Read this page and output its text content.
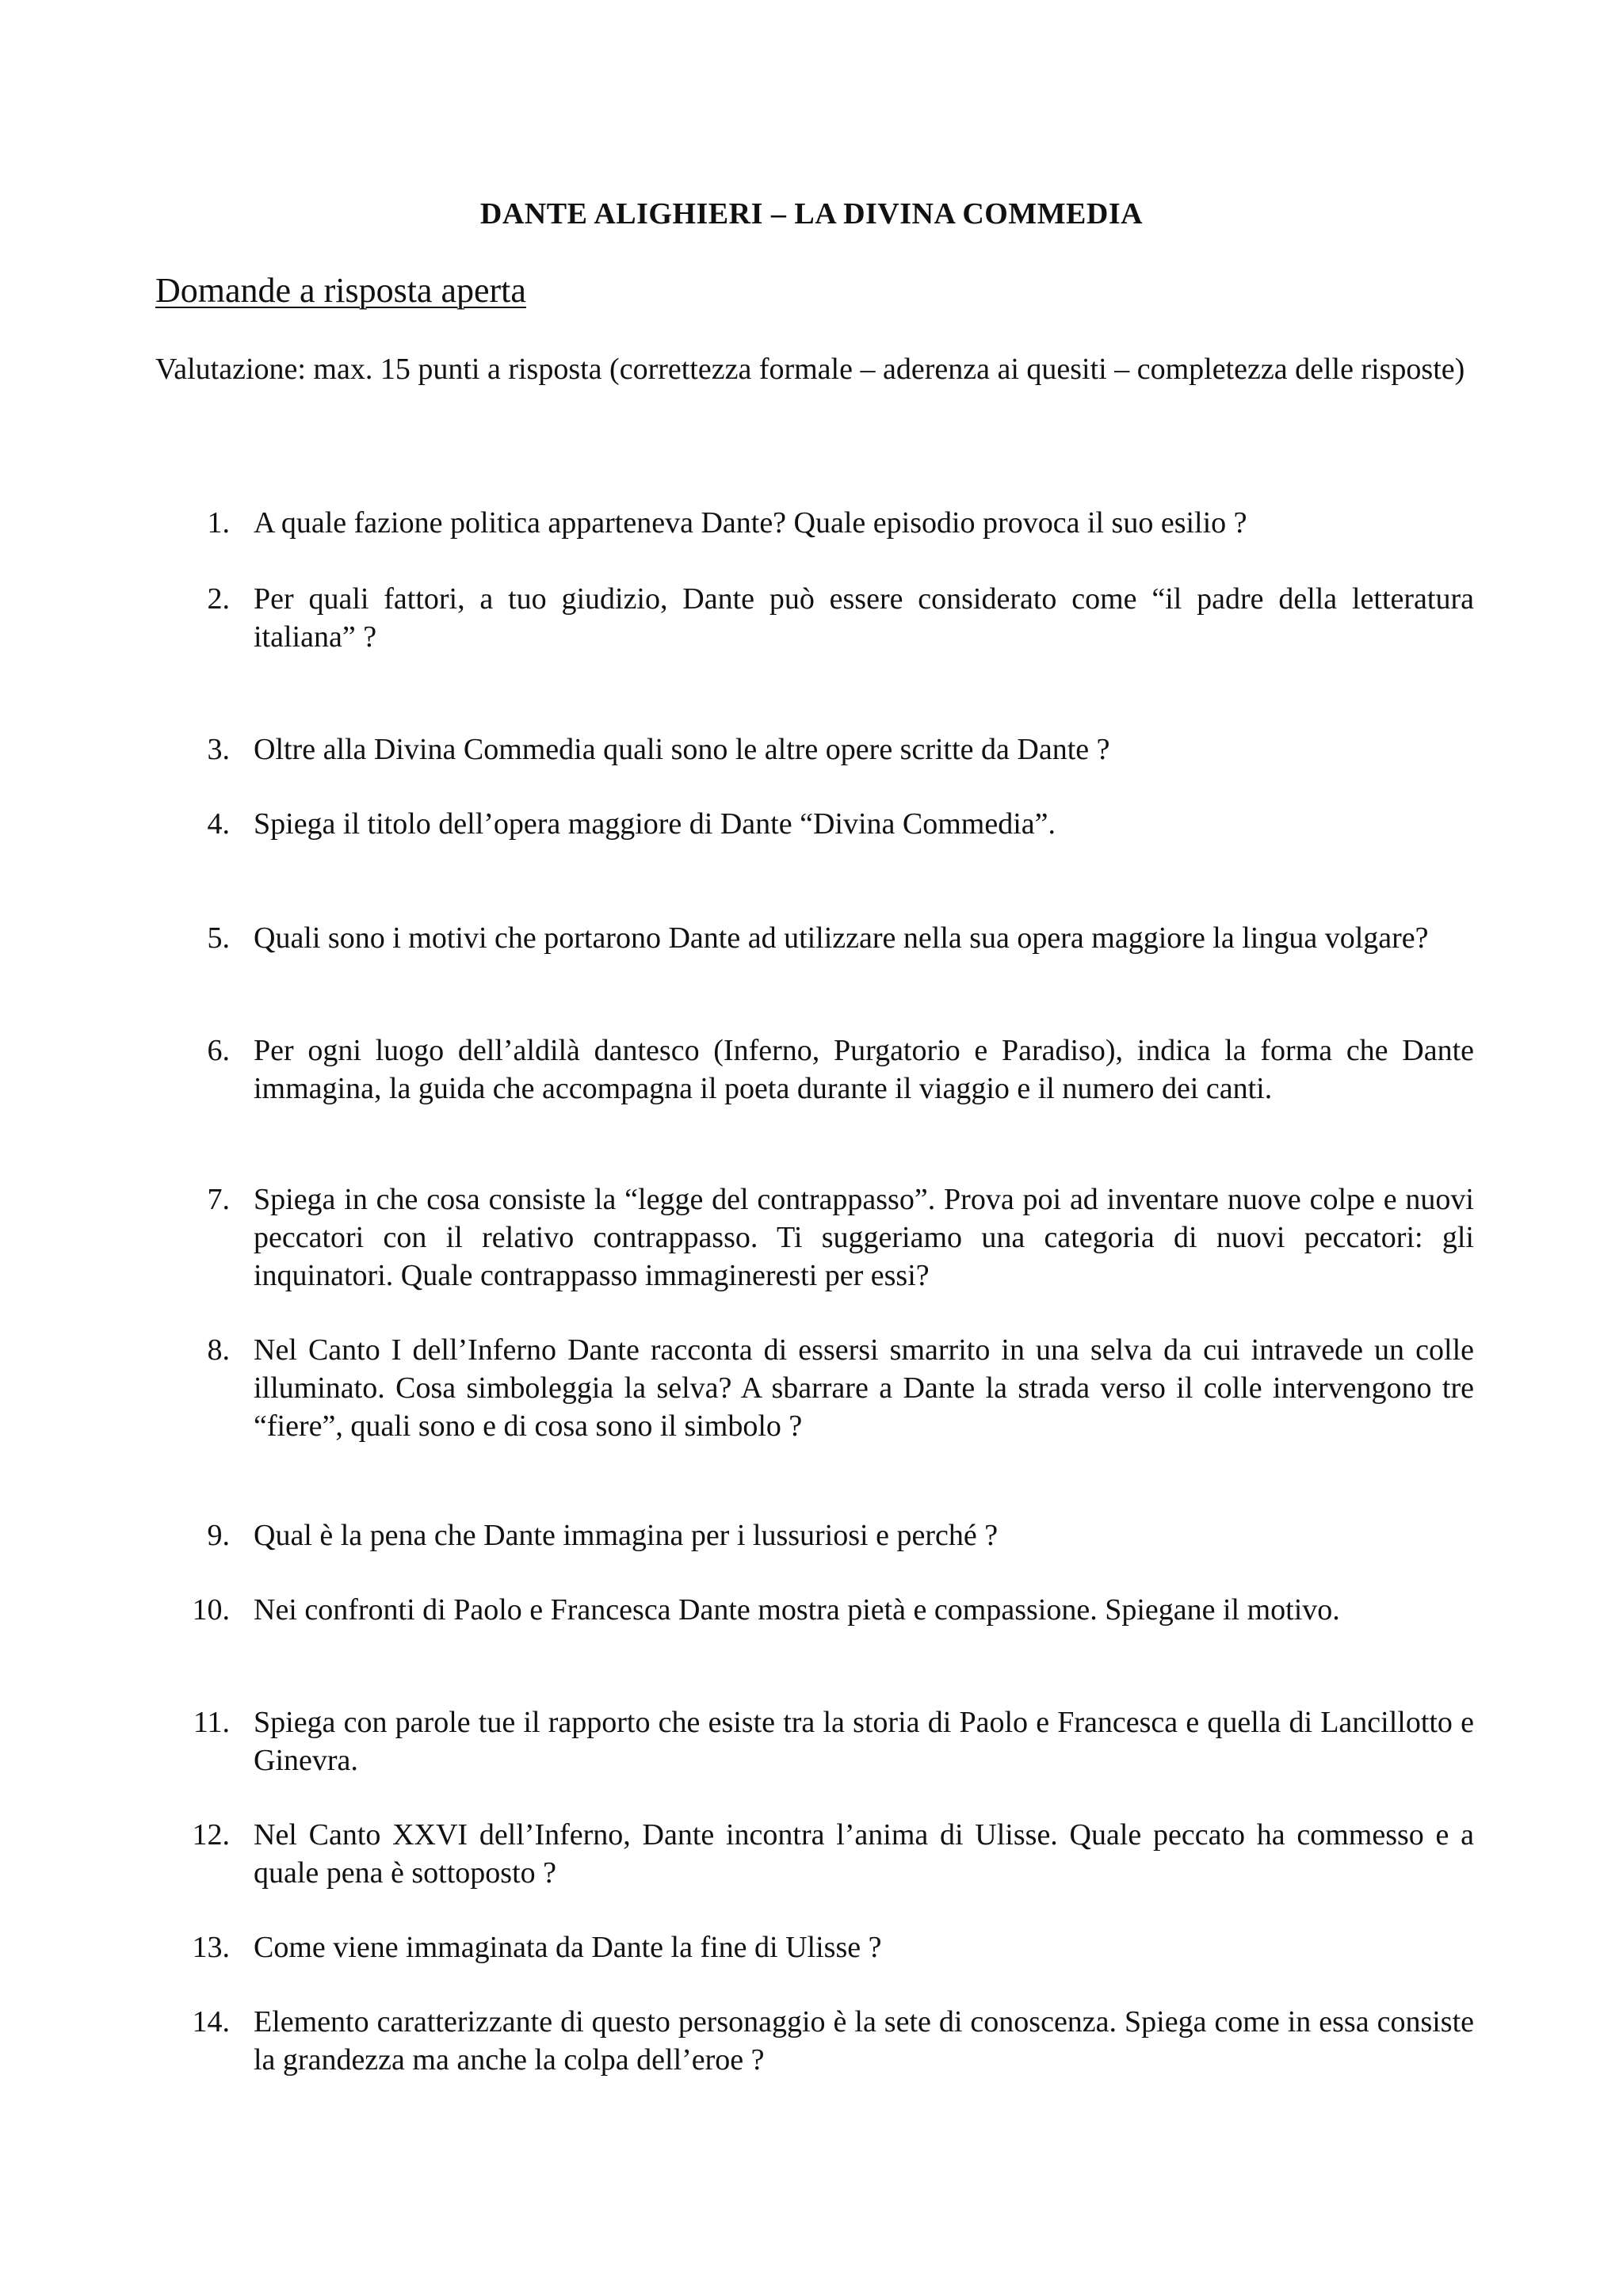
DANTE ALIGHIERI – LA DIVINA COMMEDIA
Domande a risposta aperta
Valutazione: max. 15 punti a risposta (correttezza formale – aderenza ai quesiti – completezza delle risposte)
1. A quale fazione politica apparteneva Dante? Quale episodio provoca il suo esilio ?
2. Per quali fattori, a tuo giudizio, Dante può essere considerato come “il padre della letteratura italiana” ?
3. Oltre alla Divina Commedia quali sono le altre opere scritte da Dante ?
4. Spiega il titolo dell’opera maggiore di Dante “Divina Commedia”.
5. Quali sono i motivi che portarono Dante ad utilizzare nella sua opera maggiore la lingua volgare?
6. Per ogni luogo dell’aldilà dantesco (Inferno, Purgatorio e Paradiso), indica la forma che Dante immagina, la guida che accompagna il poeta durante il viaggio e il numero dei canti.
7. Spiega in che cosa consiste la “legge del contrappasso”. Prova poi ad inventare nuove colpe e nuovi peccatori con il relativo contrappasso. Ti suggeriamo una categoria di nuovi peccatori: gli inquinatori. Quale contrappasso immagineresti per essi?
8. Nel Canto I dell’Inferno Dante racconta di essersi smarrito in una selva da cui intravede un colle illuminato. Cosa simboleggia la selva? A sbarrare a Dante la strada verso il colle intervengono tre “fiere”, quali sono e di cosa sono il simbolo ?
9. Qual è la pena che Dante immagina per i lussuriosi e perché ?
10. Nei confronti di Paolo e Francesca Dante mostra pietà e compassione. Spiegane il motivo.
11. Spiega con parole tue il rapporto che esiste tra la storia di Paolo e Francesca e quella di Lancillotto e Ginevra.
12. Nel Canto XXVI dell’Inferno, Dante incontra l’anima di Ulisse. Quale peccato ha commesso e a quale pena è sottoposto ?
13. Come viene immaginata da Dante la fine di Ulisse ?
14. Elemento caratterizzante di questo personaggio è la sete di conoscenza. Spiega come in essa consiste la grandezza ma anche la colpa dell’eroe ?
